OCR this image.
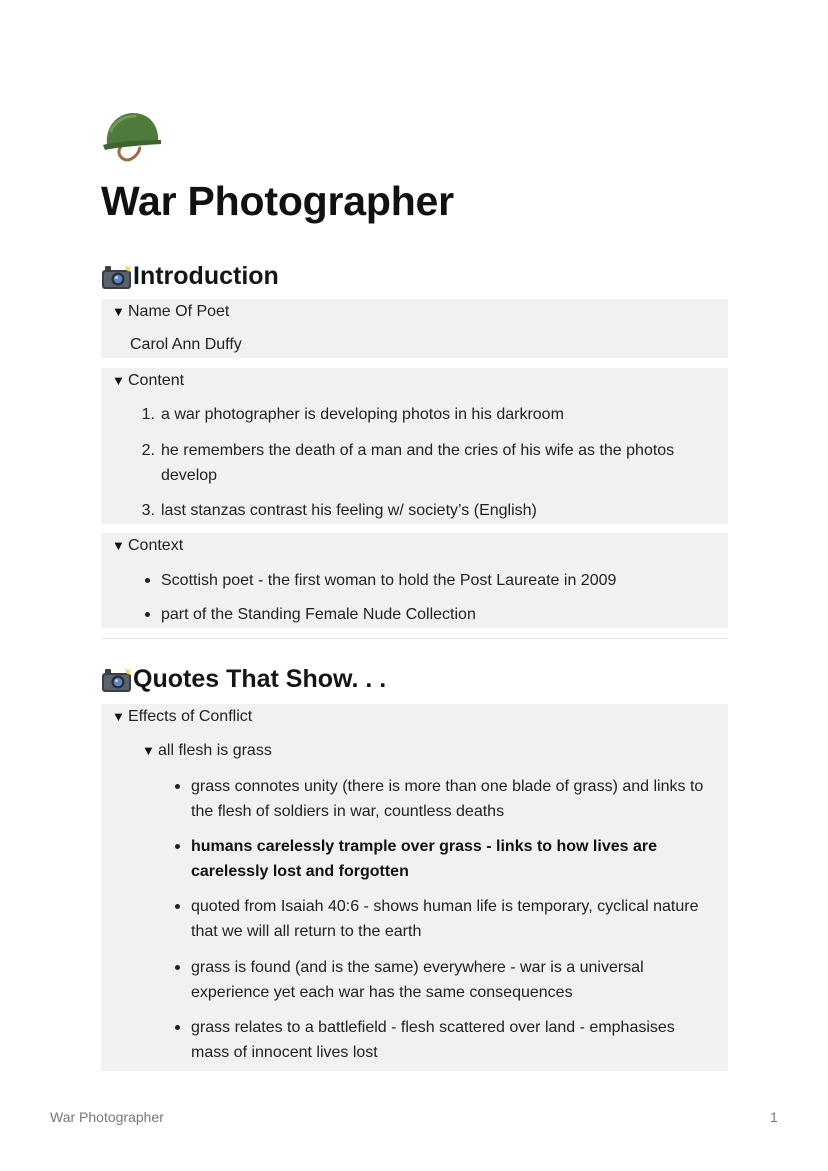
War Photographer
Introduction
▼ Name Of Poet
Carol Ann Duffy
▼ Content
1. a war photographer is developing photos in his darkroom
2. he remembers the death of a man and the cries of his wife as the photos develop
3. last stanzas contrast his feeling w/ society’s (English)
▼ Context
Scottish poet - the first woman to hold the Post Laureate in 2009
part of the Standing Female Nude Collection
Quotes That Show. . .
▼ Effects of Conflict
▼ all flesh is grass
grass connotes unity (there is more than one blade of grass) and links to the flesh of soldiers in war, countless deaths
humans carelessly trample over grass - links to how lives are carelessly lost and forgotten
quoted from Isaiah 40:6 - shows human life is temporary, cyclical nature that we will all return to the earth
grass is found (and is the same) everywhere - war is a universal experience yet each war has the same consequences
grass relates to a battlefield - flesh scattered over land - emphasises mass of innocent lives lost
War Photographer	1
